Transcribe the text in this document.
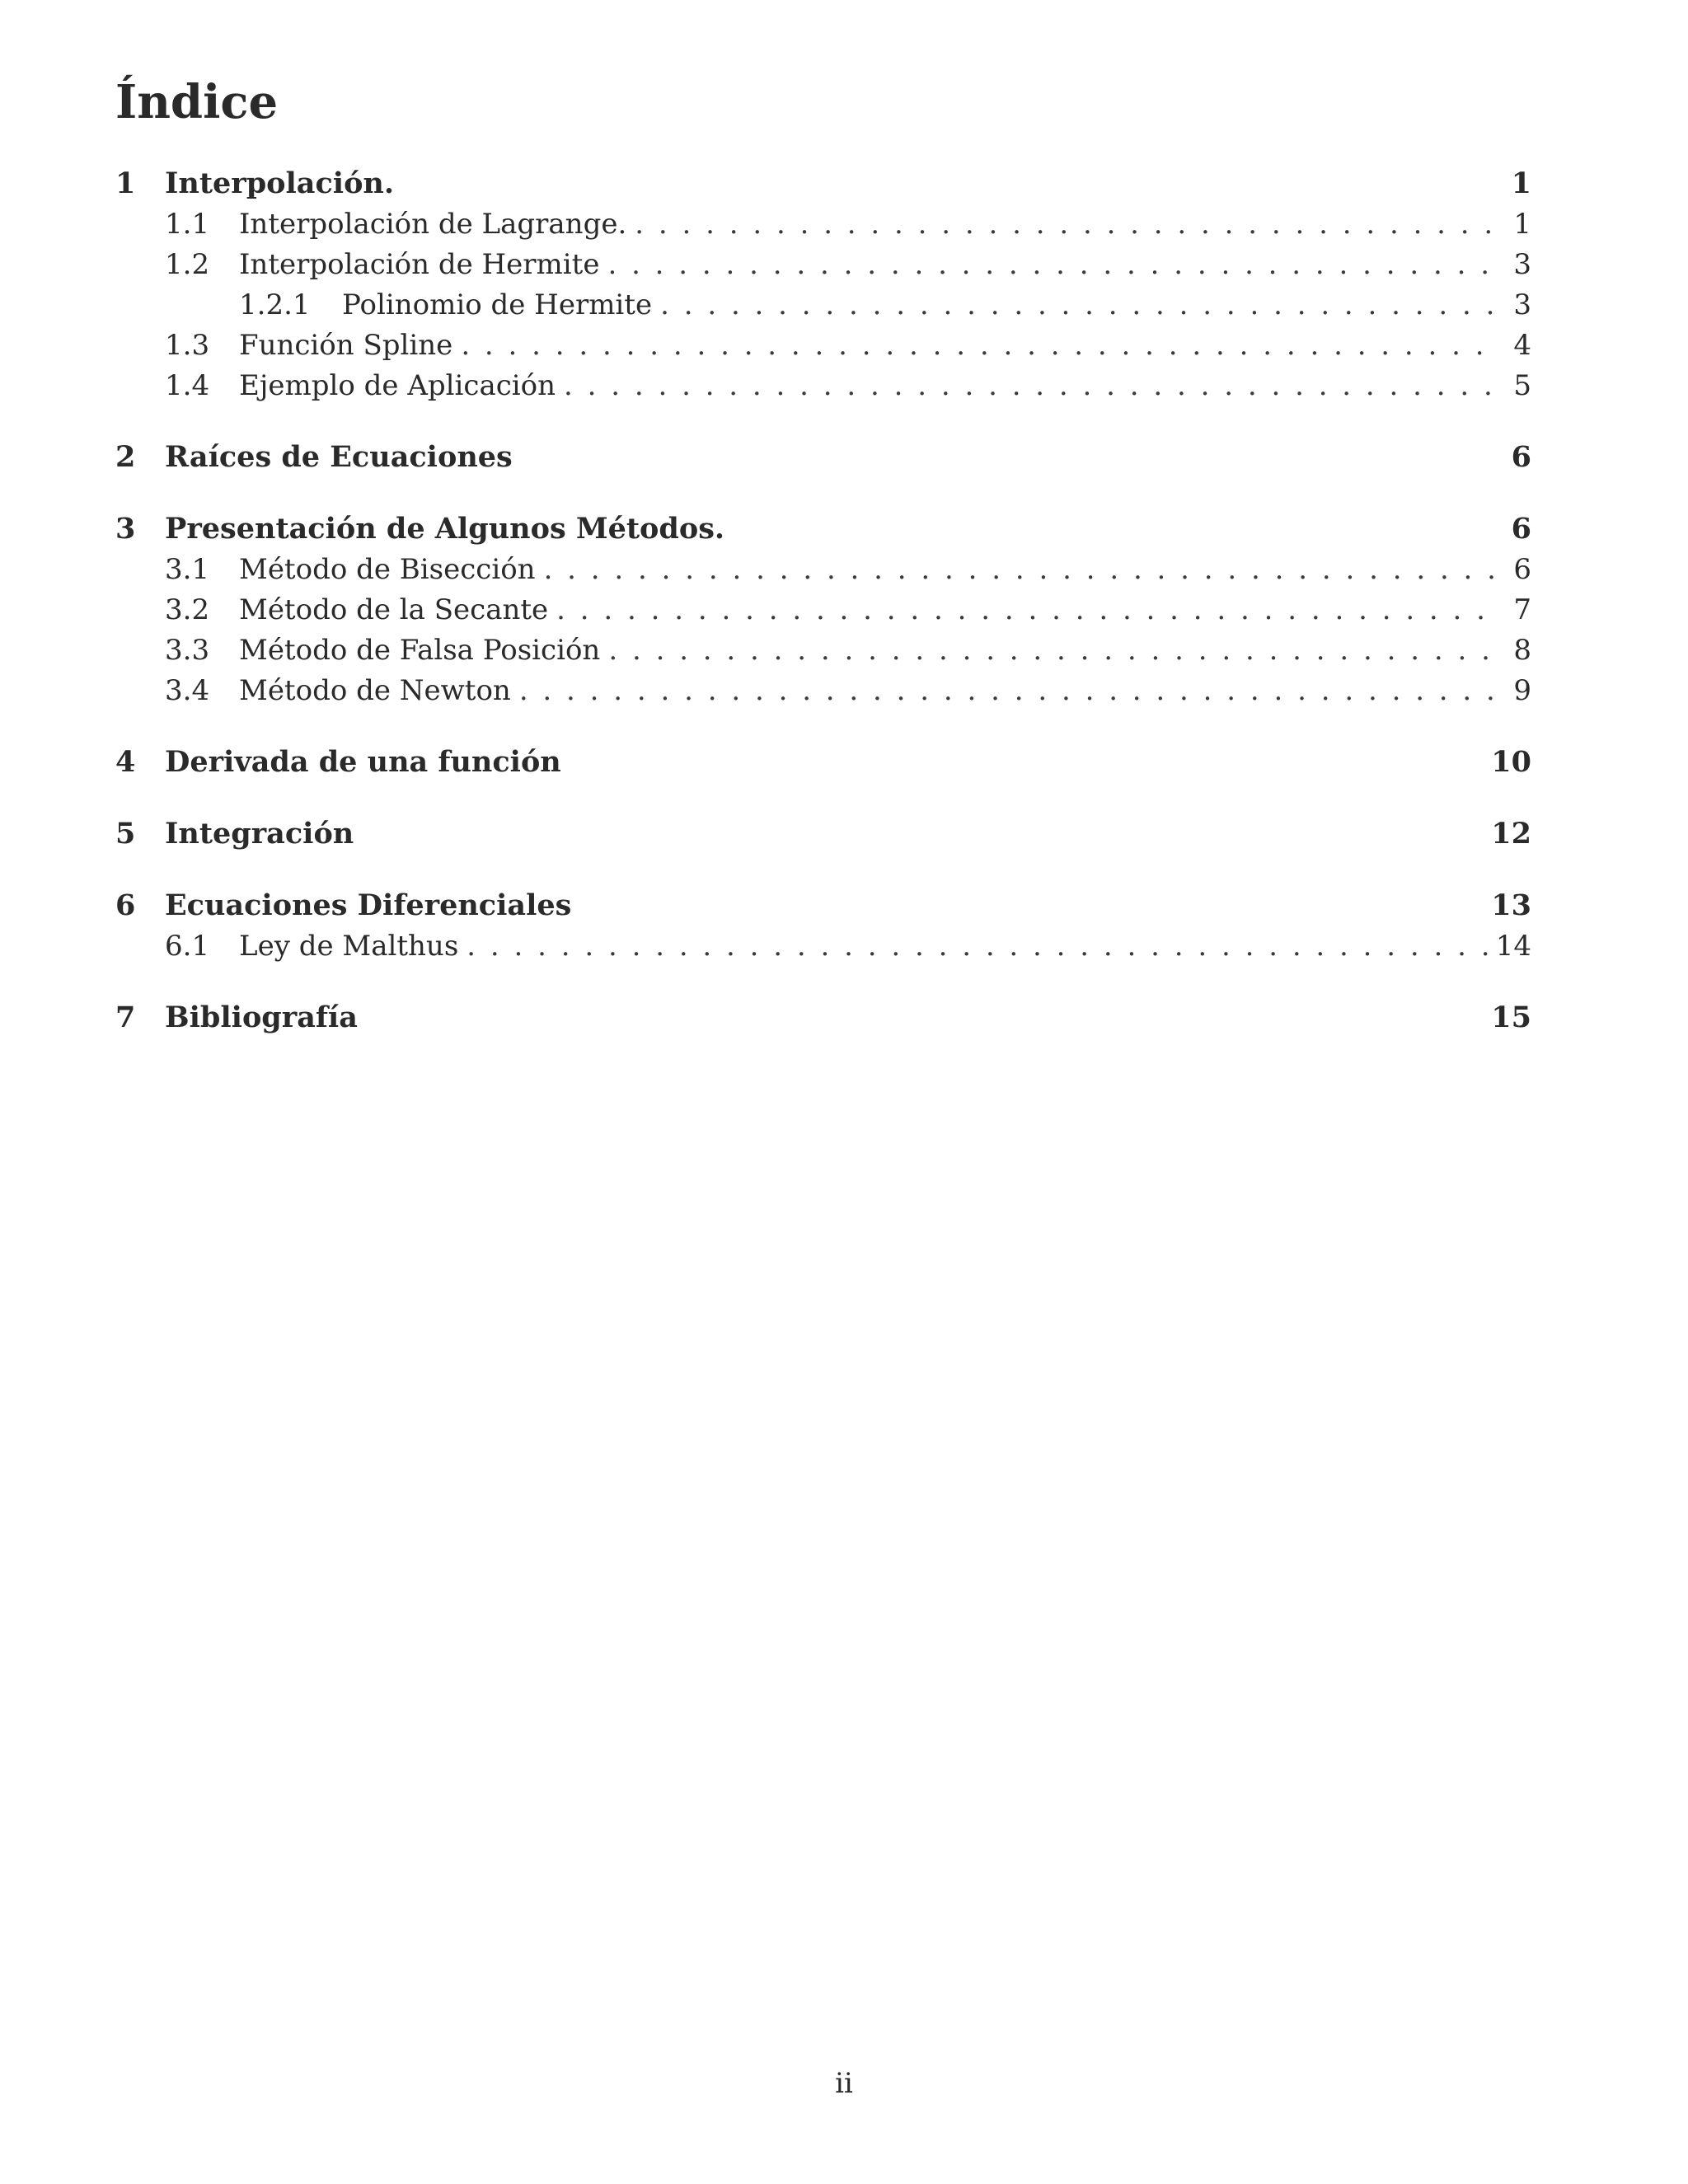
Índice
1	Interpolación.	1
1.1	Interpolación de Lagrange. . . .	1
1.2	Interpolación de Hermite . . .	3
1.2.1	Polinomio de Hermite . . .	3
1.3	Función Spline . . .	4
1.4	Ejemplo de Aplicación . . .	5
2	Raíces de Ecuaciones	6
3	Presentación de Algunos Métodos.	6
3.1	Método de Bisección . . .	6
3.2	Método de la Secante . . .	7
3.3	Método de Falsa Posición . . .	8
3.4	Método de Newton . . .	9
4	Derivada de una función	10
5	Integración	12
6	Ecuaciones Diferenciales	13
6.1	Ley de Malthus . . .	14
7	Bibliografía	15
ii
